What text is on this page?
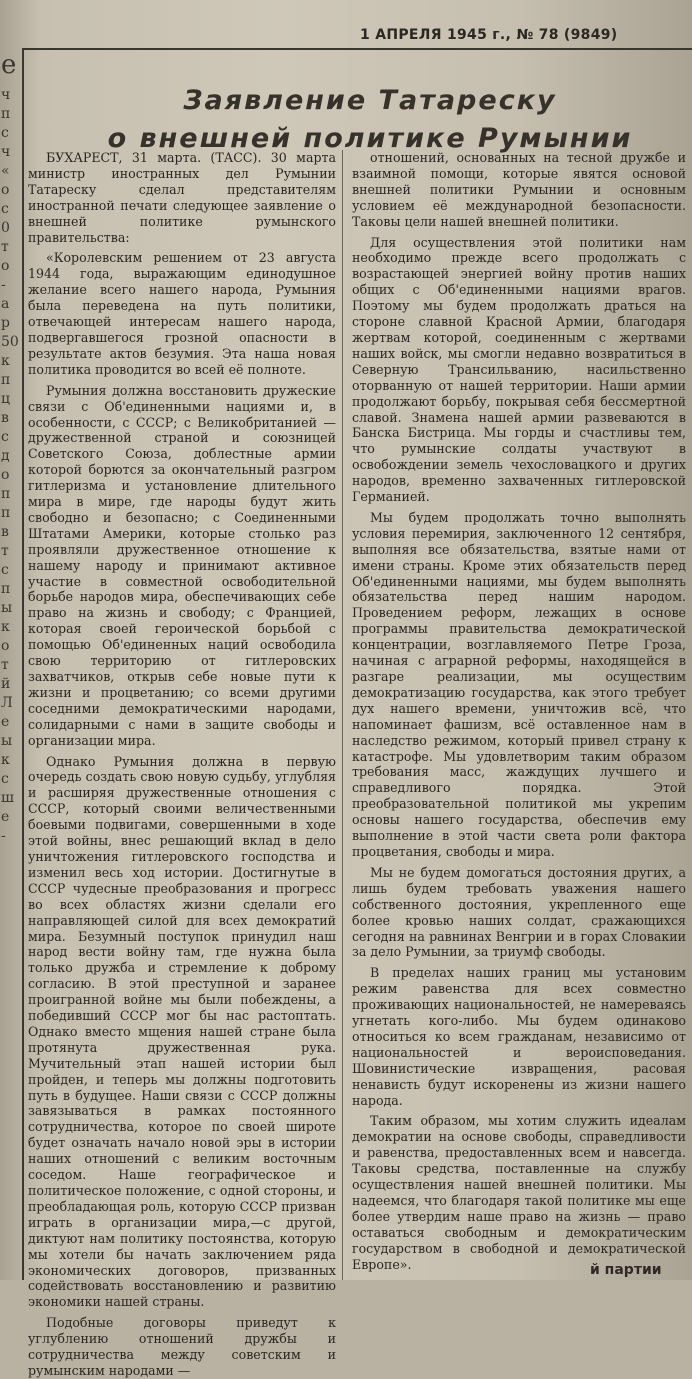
е
ч
п
с
ч
«
о
с
0
т
о
-
а
р
50
к
п
ц
в
с
д
о
п
п
в
т
с
п
ы
к
о
т
й
Л
е
ы
к
с
ш
е
-
1 АПРЕЛЯ 1945 г., № 78 (9849)
Заявление Татареску
о внешней политике Румынии

БУХАРЕСТ, 31 марта. (ТАСС). 30 марта министр иностранных дел Румынии Татареску сделал представителям иностранной печати следующее заявление о внешней политике румынского правительства:

«Королевским решением от 23 августа 1944 года, выражающим единодушное желание всего нашего народа, Румыния была переведена на путь политики, отвечающей интересам нашего народа, подвергавшегося грозной опасности в результате актов безумия. Эта наша новая политика проводится во всей её полноте.

Румыния должна восстановить дружеские связи с Об'единенными нациями и, в особенности, с СССР; с Великобританией — дружественной страной и союзницей Советского Союза, доблестные армии которой борются за окончательный разгром гитлеризма и установление длительного мира в мире, где народы будут жить свободно и безопасно; с Соединенными Штатами Америки, которые столько раз проявляли дружественное отношение к нашему народу и принимают активное участие в совместной освободительной борьбе народов мира, обеспечивающих себе право на жизнь и свободу; с Францией, которая своей героической борьбой с помощью Об'единенных наций освободила свою территорию от гитлеровских захватчиков, открыв себе новые пути к жизни и процветанию; со всеми другими соседними демократическими народами, солидарными с нами в защите свободы и организации мира.

Однако Румыния должна в первую очередь создать свою новую судьбу, углубляя и расширяя дружественные отношения с СССР, который своими величественными боевыми подвигами, совершенными в ходе этой войны, внес решающий вклад в дело уничтожения гитлеровского господства и изменил весь ход истории. Достигнутые в СССР чудесные преобразования и прогресс во всех областях жизни сделали его направляющей силой для всех демократий мира. Безумный поступок принудил наш народ вести войну там, где нужна была только дружба и стремление к доброму согласию. В этой преступной и заранее проигранной войне мы были побеждены, а победивший СССР мог бы нас растоптать. Однако вместо мщения нашей стране была протянута дружественная рука. Мучительный этап нашей истории был пройден, и теперь мы должны подготовить путь в будущее. Наши связи с СССР должны завязываться в рамках постоянного сотрудничества, которое по своей широте будет означать начало новой эры в истории наших отношений с великим восточным соседом. Наше географическое и политическое положение, с одной стороны, и преобладающая роль, которую СССР призван играть в организации мира,—с другой, диктуют нам политику постоянства, которую мы хотели бы начать заключением ряда экономических договоров, призванных содействовать восстановлению и развитию экономики нашей страны.

Подобные договоры приведут к углублению отношений дружбы и сотрудничества между советским и румынским народами —

отношений, основанных на тесной дружбе и взаимной помощи, которые явятся основой внешней политики Румынии и основным условием её международной безопасности. Таковы цели нашей внешней политики.

Для осуществления этой политики нам необходимо прежде всего продолжать с возрастающей энергией войну против наших общих с Об'единенными нациями врагов. Поэтому мы будем продолжать драться на стороне славной Красной Армии, благодаря жертвам которой, соединенным с жертвами наших войск, мы смогли недавно возвратиться в Северную Трансильванию, насильственно оторванную от нашей территории. Наши армии продолжают борьбу, покрывая себя бессмертной славой. Знамена нашей армии развеваются в Банска Бистрица. Мы горды и счастливы тем, что румынские солдаты участвуют в освобождении земель чехословацкого и других народов, временно захваченных гитлеровской Германией.

Мы будем продолжать точно выполнять условия перемирия, заключенного 12 сентября, выполняя все обязательства, взятые нами от имени страны. Кроме этих обязательств перед Об'единенными нациями, мы будем выполнять обязательства перед нашим народом. Проведением реформ, лежащих в основе программы правительства демократической концентрации, возглавляемого Петре Гроза, начиная с аграрной реформы, находящейся в разгаре реализации, мы осуществим демократизацию государства, как этого требует дух нашего времени, уничтожив всё, что напоминает фашизм, всё оставленное нам в наследство режимом, который привел страну к катастрофе. Мы удовлетворим таким образом требования масс, жаждущих лучшего и справедливого порядка. Этой преобразовательной политикой мы укрепим основы нашего государства, обеспечив ему выполнение в этой части света роли фактора процветания, свободы и мира.

Мы не будем домогаться достояния других, а лишь будем требовать уважения нашего собственного достояния, укрепленного еще более кровью наших солдат, сражающихся сегодня на равнинах Венгрии и в горах Словакии за дело Румынии, за триумф свободы.

В пределах наших границ мы установим режим равенства для всех совместно проживающих национальностей, не намереваясь угнетать кого-либо. Мы будем одинаково относиться ко всем гражданам, независимо от национальностей и вероисповедания. Шовинистические извращения, расовая ненависть будут искоренены из жизни нашего народа.

Таким образом, мы хотим служить идеалам демократии на основе свободы, справедливости и равенства, предоставленных всем и навсегда. Таковы средства, поставленные на службу осуществления нашей внешней политики. Мы надеемся, что благодаря такой политике мы еще более утвердим наше право на жизнь — право оставаться свободным и демократическим государством в свободной и демократической Европе».	й партии
